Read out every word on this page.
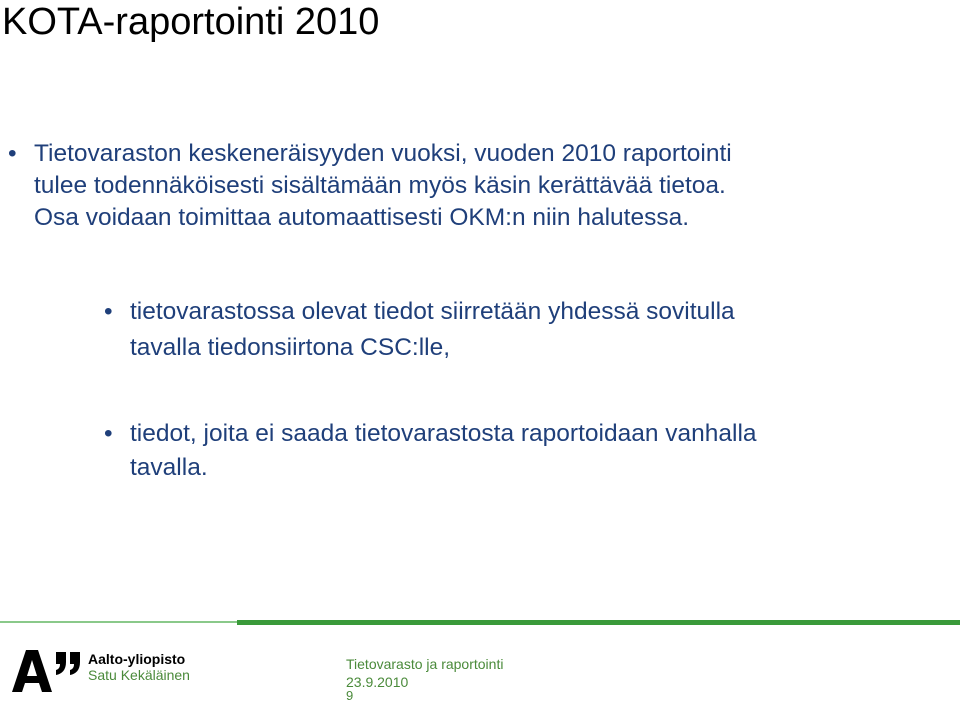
KOTA-raportointi 2010
• Tietovaraston keskeneräisyyden vuoksi, vuoden 2010 raportointi
tulee todennäköisesti sisältämään myös käsin kerättävää tietoa.
Osa voidaan toimittaa automaattisesti OKM:n niin halutessa.
• tietovarastossa olevat tiedot siirretään yhdessä sovitulla
tavalla tiedonsiirtona CSC:lle,
• tiedot, joita ei saada tietovarastosta raportoidaan vanhalla
tavalla.
Aalto-yliopisto
Satu Kekäläinen
Tietovarasto ja raportointi
23.9.2010
9
